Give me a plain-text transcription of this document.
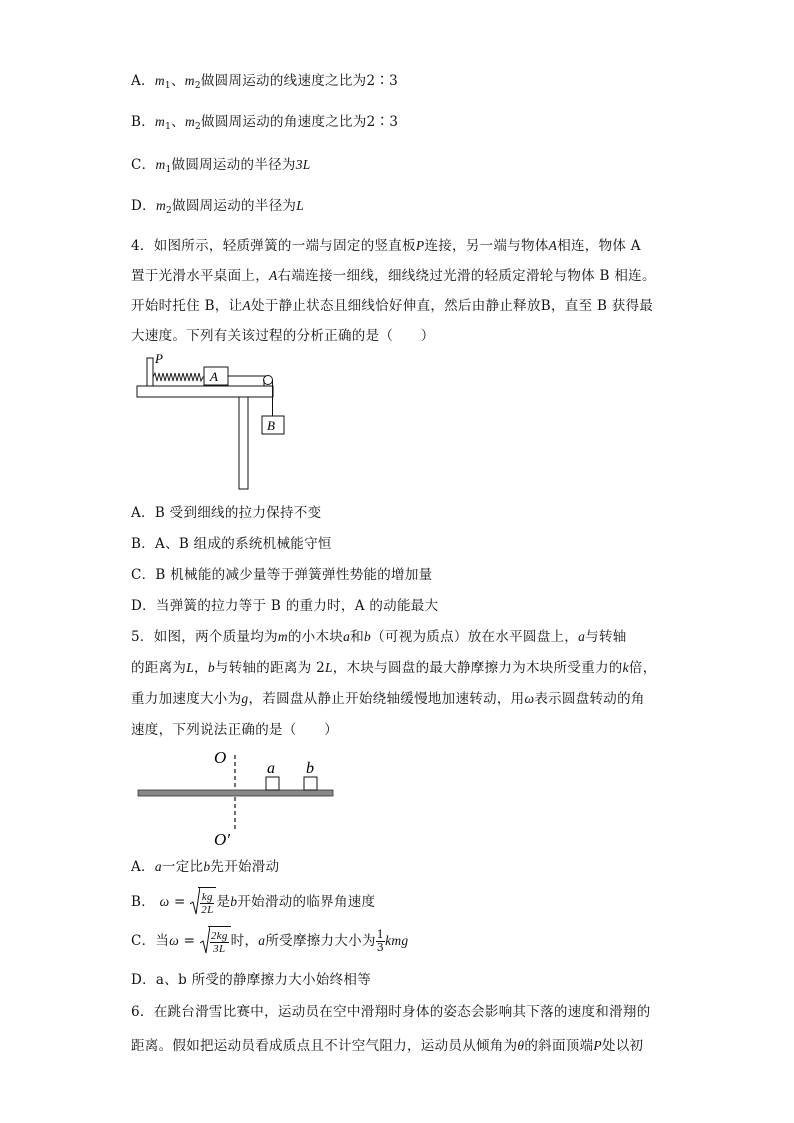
A．$m_1$、$m_2$做圆周运动的线速度之比为2∶3
B．$m_1$、$m_2$做圆周运动的角速度之比为2∶3
C．$m_1$做圆周运动的半径为3L
D．$m_2$做圆周运动的半径为L
4．如图所示，轻质弹簧的一端与固定的竖直板P连接，另一端与物体A相连，物体 A
置于光滑水平桌面上，A右端连接一细线，细线绕过光滑的轻质定滑轮与物体 B 相连。
开始时托住 B，让A处于静止状态且细线恰好伸直，然后由静止释放B，直至 B 获得最
大速度。下列有关该过程的分析正确的是（　　）
P
A
B
A．B 受到细线的拉力保持不变
B．A、B 组成的系统机械能守恒
C．B 机械能的减少量等于弹簧弹性势能的增加量
D．当弹簧的拉力等于 B 的重力时，A 的动能最大
5．如图，两个质量均为m的小木块a和b（可视为质点）放在水平圆盘上，a与转轴
的距离为L，b与转轴的距离为 2L，木块与圆盘的最大静摩擦力为木块所受重力的k倍，
重力加速度大小为g，若圆盘从静止开始绕轴缓慢地加速转动，用ω表示圆盘转动的角
速度，下列说法正确的是（　　）
O
a b
O′
A．a一定比b先开始滑动
B． $\omega = \frac{kg}{2L}$ 是b开始滑动的临界角速度
C．当$\omega = \frac{2kg}{3L}$ 时，a所受摩擦力大小为 $\frac{1}{3}$ kmg
D．a、b 所受的静摩擦力大小始终相等
6．在跳台滑雪比赛中，运动员在空中滑翔时身体的姿态会影响其下落的速度和滑翔的
距离。假如把运动员看成质点且不计空气阻力，运动员从倾角为θ的斜面顶端P处以初
